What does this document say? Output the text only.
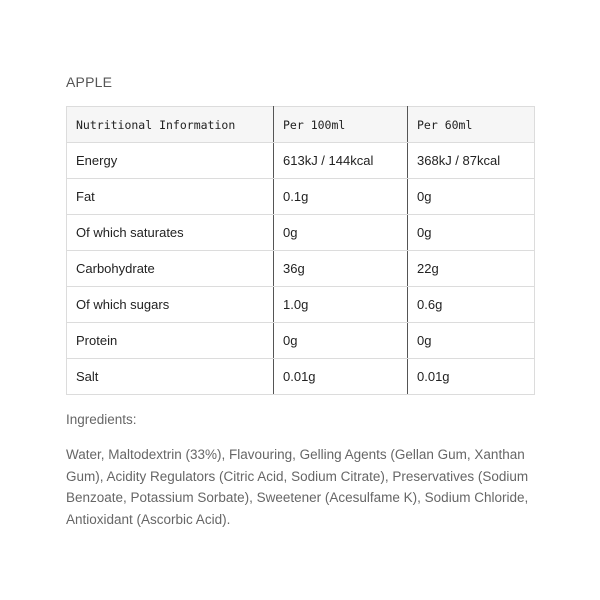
APPLE
Nutritional Information	Per 100ml	Per 60ml
Energy	613kJ / 144kcal	368kJ / 87kcal
Fat	0.1g	0g
Of which saturates	0g	0g
Carbohydrate	36g	22g
Of which sugars	1.0g	0.6g
Protein	0g	0g
Salt	0.01g	0.01g
Ingredients:
Water, Maltodextrin (33%), Flavouring, Gelling Agents (Gellan Gum, Xanthan Gum), Acidity Regulators (Citric Acid, Sodium Citrate), Preservatives (Sodium Benzoate, Potassium Sorbate), Sweetener (Acesulfame K), Sodium Chloride, Antioxidant (Ascorbic Acid).
